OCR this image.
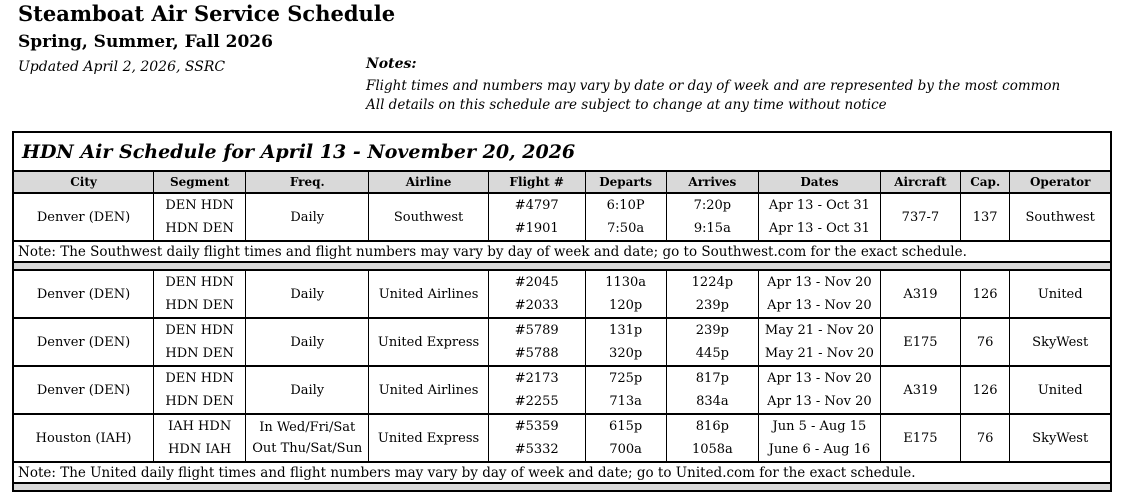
Steamboat Air Service Schedule
Spring, Summer, Fall 2026
Updated April 2, 2026, SSRC	Notes:
Flight times and numbers may vary by date or day of week and are represented by the most common
All details on this schedule are subject to change at any time without notice
HDN Air Schedule for April 13 - November 20, 2026										
City	Segment	Freq.	Airline	Flight #	Departs	Arrives	Dates	Aircraft	Cap.	Operator
Denver (DEN)	DEN HDN	Daily	Southwest	#4797	6:10P	7:20p	Apr 13 - Oct 31	737-7	137	Southwest
	HDN DEN			#1901	7:50a	9:15a	Apr 13 - Oct 31			
Note: The Southwest daily flight times and flight numbers may vary by day of week and date; go to Southwest.com for the exact schedule.										

Denver (DEN)	DEN HDN	Daily	United Airlines	#2045	1130a	1224p	Apr 13 - Nov 20	A319	126	United
	HDN DEN			#2033	120p	239p	Apr 13 - Nov 20			
Denver (DEN)	DEN HDN	Daily	United Express	#5789	131p	239p	May 21 - Nov 20	E175	76	SkyWest
	HDN DEN			#5788	320p	445p	May 21 - Nov 20			
Denver (DEN)	DEN HDN	Daily	United Airlines	#2173	725p	817p	Apr 13 - Nov 20	A319	126	United
	HDN DEN			#2255	713a	834a	Apr 13 - Nov 20			
Houston (IAH)	IAH HDN	In Wed/Fri/Sat
Out Thu/Sat/Sun	United Express	#5359	615p	816p	Jun 5 - Aug 15	E175	76	SkyWest
	HDN IAH			#5332	700a	1058a	June 6 - Aug 16			
Note: The United daily flight times and flight numbers may vary by day of week and date; go to United.com for the exact schedule.										
